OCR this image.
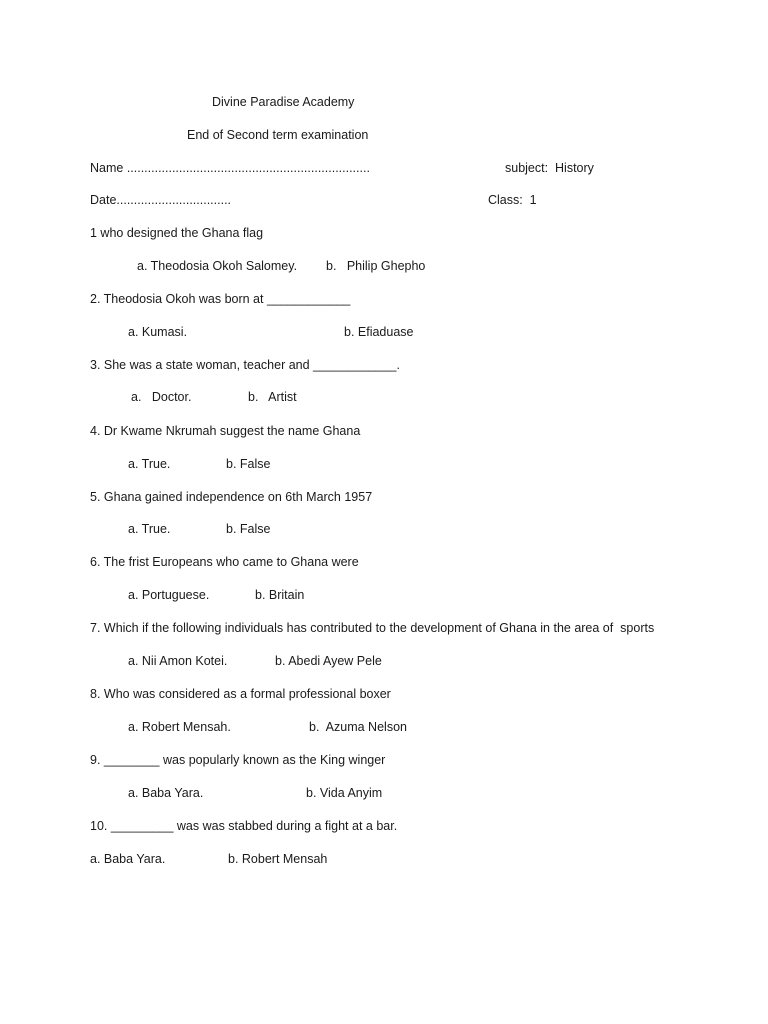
Divine Paradise Academy
End of Second term examination
Name ......................................................................	subject:  History
Date.................................	Class:  1
1 who designed the Ghana flag
a. Theodosia Okoh Salomey. b.   Philip Ghepho
2. Theodosia Okoh was born at ____________
a. Kumasi.	b. Efiaduase
3. She was a state woman, teacher and ____________.
a.   Doctor.	b.   Artist
4. Dr Kwame Nkrumah suggest the name Ghana
a. True.	b. False
5. Ghana gained independence on 6th March 1957
a. True.	b. False
6. The frist Europeans who came to Ghana were
a. Portuguese.	b. Britain
7. Which if the following individuals has contributed to the development of Ghana in the area of  sports
a. Nii Amon Kotei.	b. Abedi Ayew Pele
8. Who was considered as a formal professional boxer
a. Robert Mensah.	b.  Azuma Nelson
9. ________ was popularly known as the King winger
a. Baba Yara.	b. Vida Anyim
10. _________ was was stabbed during a fight at a bar.
a. Baba Yara.	b. Robert Mensah
